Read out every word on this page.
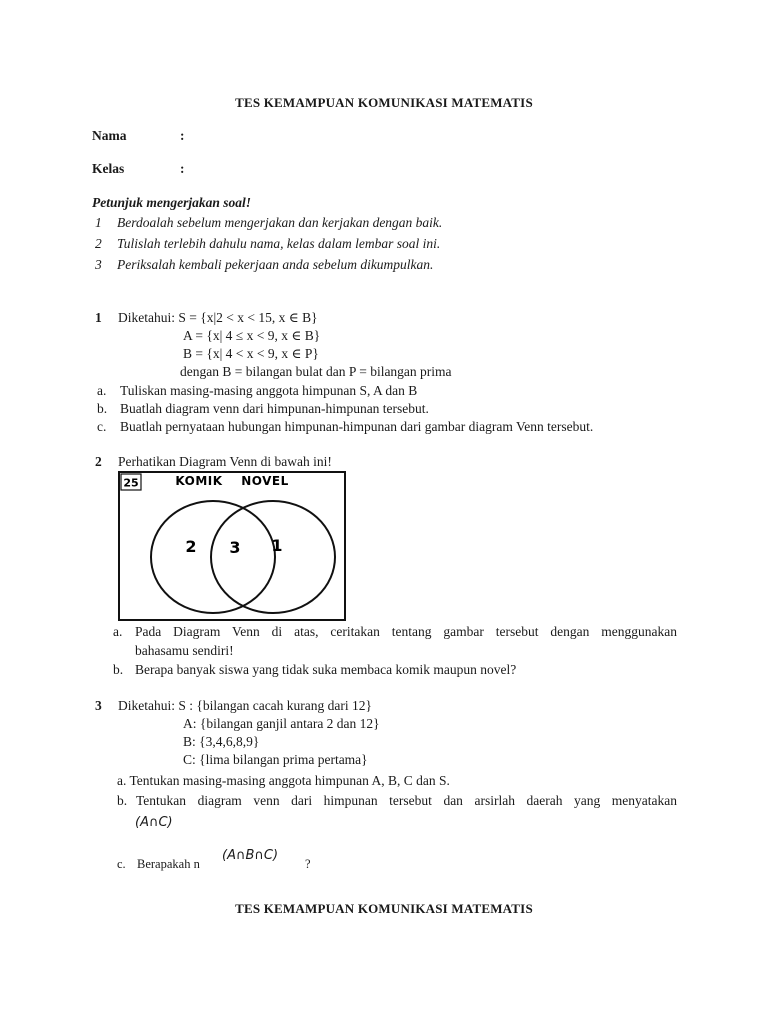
TES KEMAMPUAN KOMUNIKASI MATEMATIS
Nama	:
Kelas	:
Petunjuk mengerjakan soal!
1 Berdoalah sebelum mengerjakan dan kerjakan dengan baik.
2 Tulislah terlebih dahulu nama, kelas dalam lembar soal ini.
3 Periksalah kembali pekerjaan anda sebelum dikumpulkan.
1 Diketahui: S = {x|2 < x < 15, x ∈ B}
A = {x| 4 ≤ x < 9, x ∈ B}
B = {x| 4 < x < 9, x ∈ P}
dengan B = bilangan bulat dan P = bilangan prima
a. Tuliskan masing-masing anggota himpunan S, A dan B
b. Buatlah diagram venn dari himpunan-himpunan tersebut.
c. Buatlah pernyataan hubungan himpunan-himpunan dari gambar diagram Venn tersebut.
2 Perhatikan Diagram Venn di bawah ini!
25	KOMIK NOVEL
2 3 1
a. Pada Diagram Venn di atas, ceritakan tentang gambar tersebut dengan menggunakan
bahasamu sendiri!
b. Berapa banyak siswa yang tidak suka membaca komik maupun novel?
3 Diketahui: S : {bilangan cacah kurang dari 12}
A: {bilangan ganjil antara 2 dan 12}
B: {3,4,6,8,9}
C: {lima bilangan prima pertama}
a. Tentukan masing-masing anggota himpunan A, B, C dan S.
b. Tentukan diagram venn dari himpunan tersebut dan arsirlah daerah yang menyatakan
(A∩C)
c. Berapakah n
(A∩B∩C)
?
TES KEMAMPUAN KOMUNIKASI MATEMATIS
